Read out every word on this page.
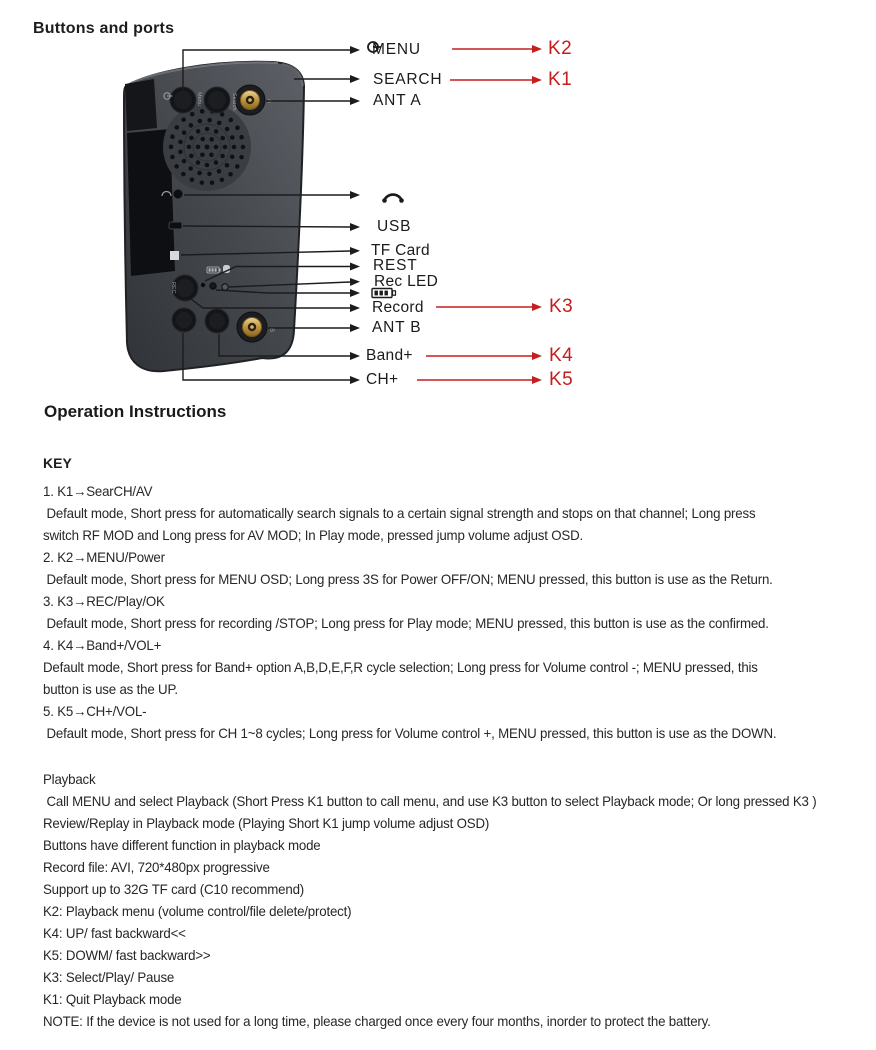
Buttons and ports
Menu	Search	A
REC
B
MENU
SEARCH
ANT A
USB
TF Card
REST
Rec LED
Record
ANT B
Band+
CH+
K2
K1
K3
K4
K5
Operation Instructions
KEY
1. K1→SearCH/AV
Default mode, Short press for automatically search signals to a certain signal strength and stops on that channel; Long press
switch RF MOD and Long press for AV MOD; In Play mode, pressed jump volume adjust OSD.
2. K2→MENU/Power
Default mode, Short press for MENU OSD; Long press 3S for Power OFF/ON; MENU pressed, this button is use as the Return.
3. K3→REC/Play/OK
Default mode, Short press for recording /STOP; Long press for Play mode; MENU pressed, this button is use as the confirmed.
4. K4→Band+/VOL+
Default mode, Short press for Band+ option A,B,D,E,F,R cycle selection; Long press for Volume control -; MENU pressed, this
button is use as the UP.
5. K5→CH+/VOL-
Default mode, Short press for CH 1~8 cycles; Long press for Volume control +, MENU pressed, this button is use as the DOWN.
Playback
Call MENU and select Playback (Short Press K1 button to call menu, and use K3 button to select Playback mode; Or long pressed K3 )
Review/Replay in Playback mode (Playing Short K1 jump volume adjust OSD)
Buttons have different function in playback mode
Record file: AVI, 720*480px progressive
Support up to 32G TF card (C10 recommend)
K2: Playback menu (volume control/file delete/protect)
K4: UP/ fast backward<<
K5: DOWM/ fast backward>>
K3: Select/Play/ Pause
K1: Quit Playback mode
NOTE: If the device is not used for a long time, please charged once every four months, inorder to protect the battery.
